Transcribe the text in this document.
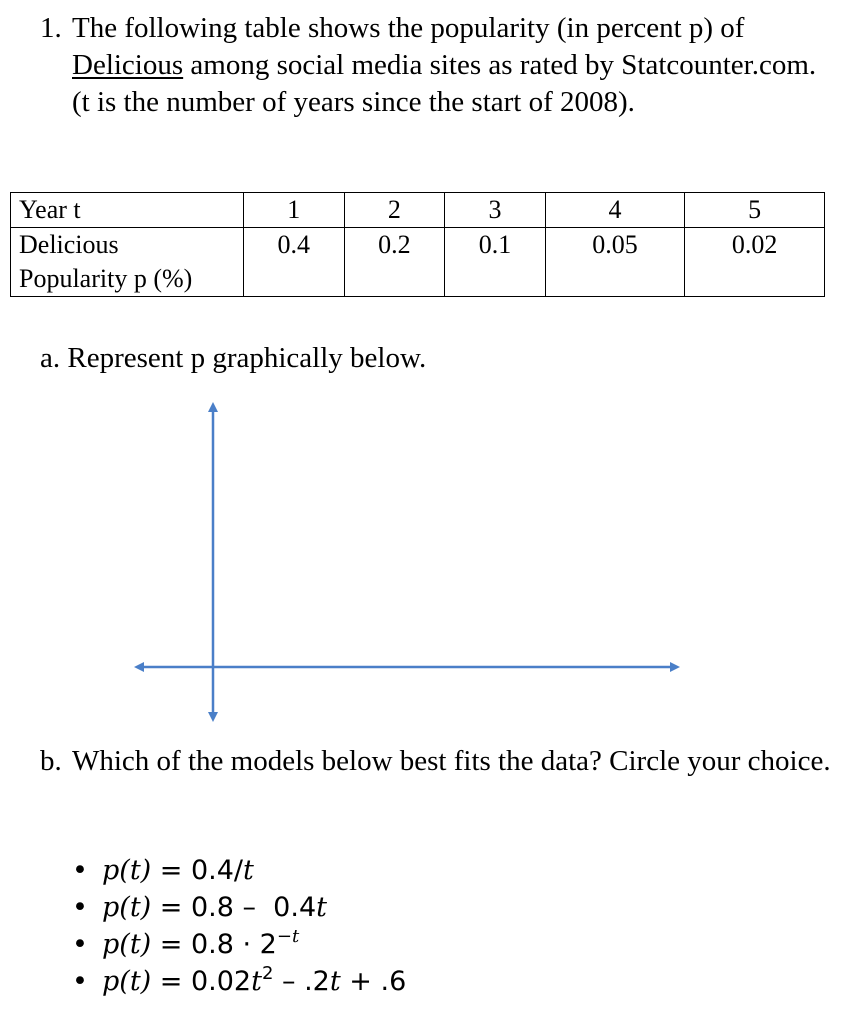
1. The following table shows the popularity (in percent p) of Delicious among social media sites as rated by Statcounter.com. (t is the number of years since the start of 2008).
Year t	1	2	3	4	5
Delicious
Popularity p (%)	0.4	0.2	0.1	0.05	0.02
a. Represent p graphically below.
b. Which of the models below best fits the data? Circle your choice.
• p(t) = 0.4/t
• p(t) = 0.8 –  0.4t
• $p(t) = 0.8 \cdot 2^{-t}$
• $p(t) = 0.02t^2 - .2t + .6$
